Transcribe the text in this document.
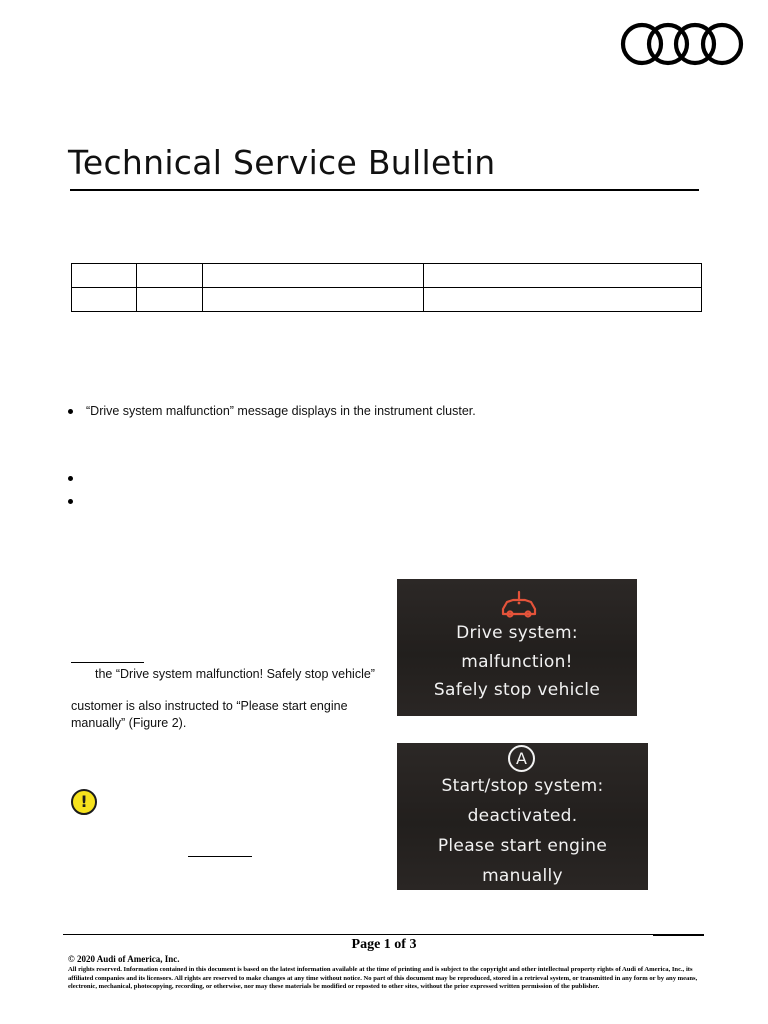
Technical Service Bulletin

“Drive system malfunction” message displays in the instrument cluster.
the “Drive system malfunction! Safely stop vehicle”
customer is also instructed to “Please start engine
manually” (Figure 2).
!
Drive system:
malfunction!
Safely stop vehicle
A
Start/stop system:
deactivated.
Please start engine
manually
Page 1 of 3
© 2020 Audi of America, Inc.
All rights reserved. Information contained in this document is based on the latest information available at the time of printing and is subject to the copyright and other intellectual property rights of Audi of America, Inc., its affiliated companies and its licensors. All rights are reserved to make changes at any time without notice. No part of this document may be reproduced, stored in a retrieval system, or transmitted in any form or by any means, electronic, mechanical, photocopying, recording, or otherwise, nor may these materials be modified or reposted to other sites, without the prior expressed written permission of the publisher.
